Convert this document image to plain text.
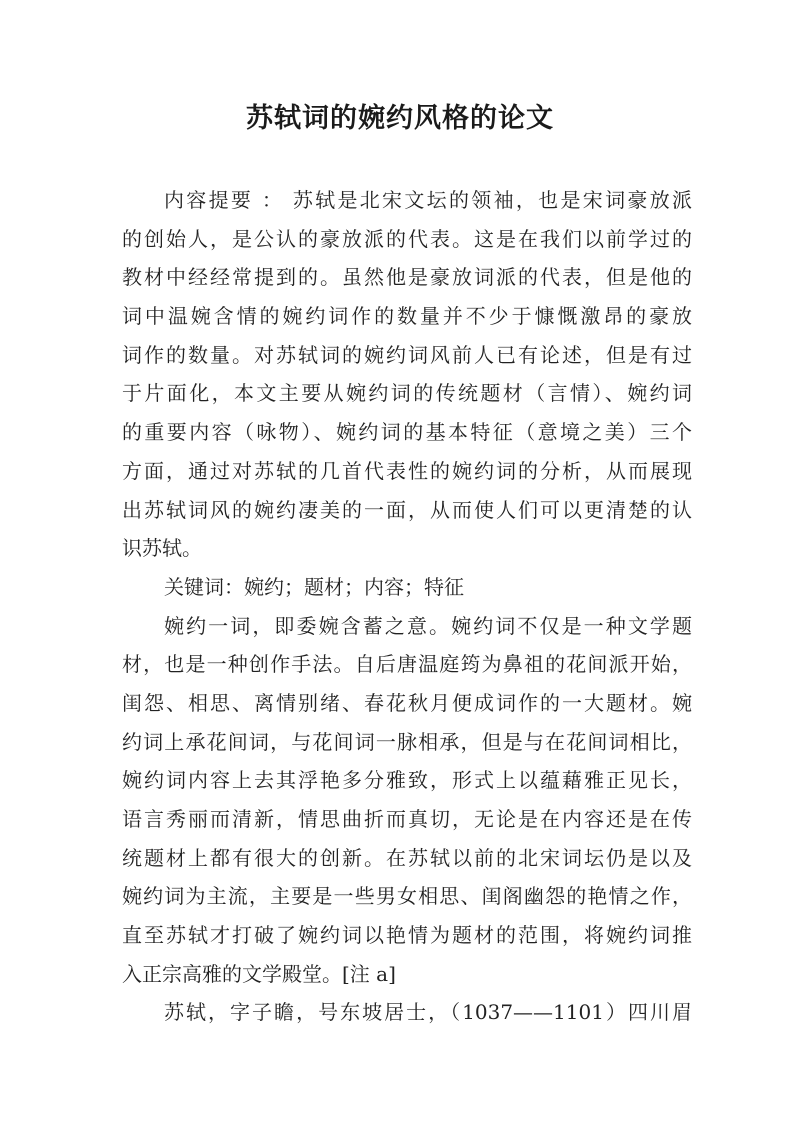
苏轼词的婉约风格的论文
内容提要 ： 苏轼是北宋文坛的领袖，也是宋词豪放派
的创始人，是公认的豪放派的代表。这是在我们以前学过的
教材中经经常提到的。虽然他是豪放词派的代表，但是他的
词中温婉含情的婉约词作的数量并不少于慷慨激昂的豪放
词作的数量。对苏轼词的婉约词风前人已有论述，但是有过
于片面化，本文主要从婉约词的传统题材（言情）、婉约词
的重要内容（咏物）、婉约词的基本特征（意境之美）三个
方面，通过对苏轼的几首代表性的婉约词的分析，从而展现
出苏轼词风的婉约凄美的一面，从而使人们可以更清楚的认
识苏轼。
关键词：婉约；题材；内容；特征
婉约一词，即委婉含蓄之意。婉约词不仅是一种文学题
材，也是一种创作手法。自后唐温庭筠为鼻祖的花间派开始，
闺怨、相思、离情别绪、春花秋月便成词作的一大题材。婉
约词上承花间词，与花间词一脉相承，但是与在花间词相比，
婉约词内容上去其浮艳多分雅致，形式上以蕴藉雅正见长，
语言秀丽而清新，情思曲折而真切，无论是在内容还是在传
统题材上都有很大的创新。在苏轼以前的北宋词坛仍是以及
婉约词为主流，主要是一些男女相思、闺阁幽怨的艳情之作，
直至苏轼才打破了婉约词以艳情为题材的范围，将婉约词推
入正宗高雅的文学殿堂。[注 a]
苏轼，字子瞻，号东坡居士，（1037——1101）四川眉
